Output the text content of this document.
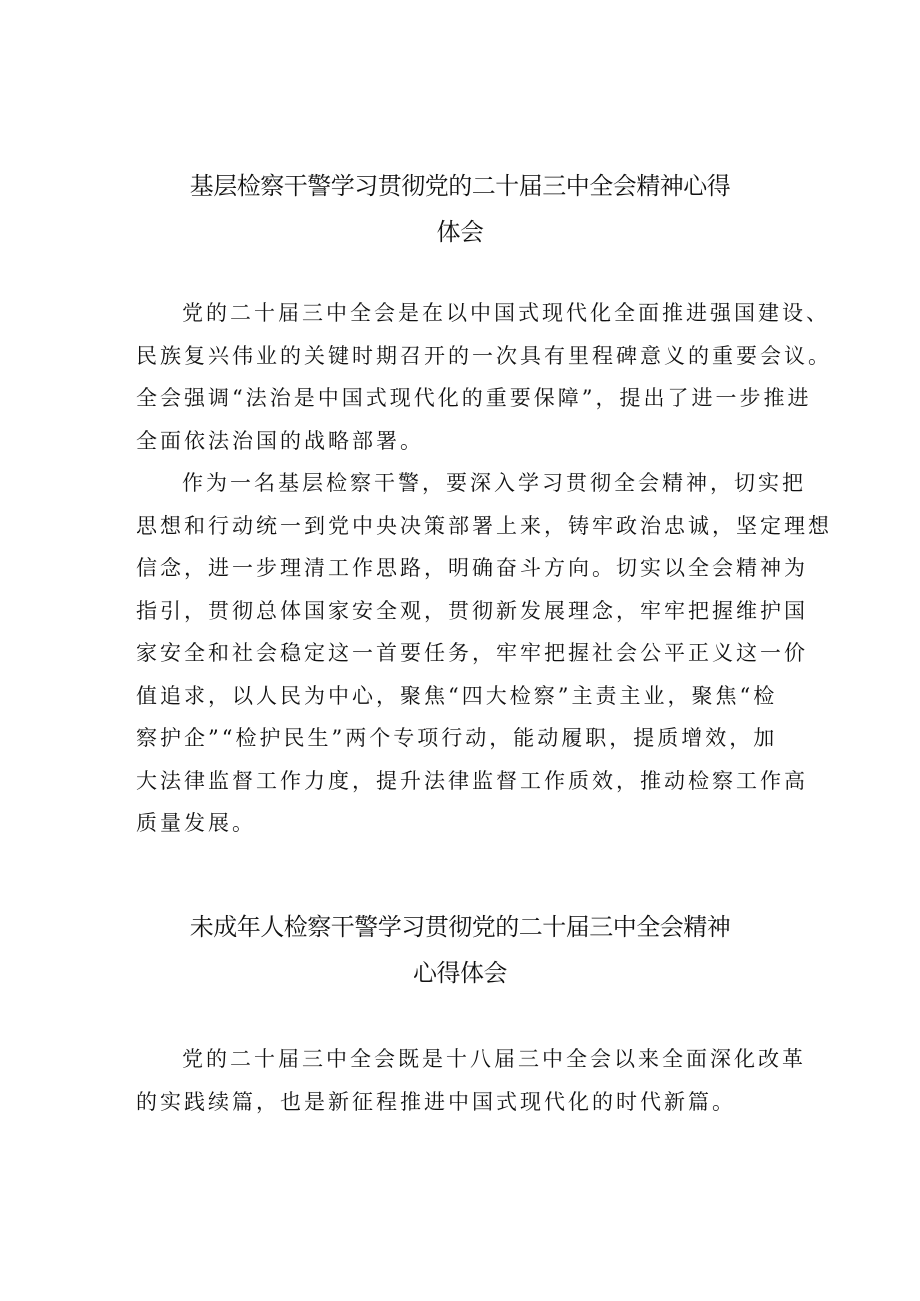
基层检察干警学习贯彻党的二十届三中全会精神心得
体会

党的二十届三中全会是在以中国式现代化全面推进强国建设、
民族复兴伟业的关键时期召开的一次具有里程碑意义的重要会议。
全会强调“法治是中国式现代化的重要保障”，提出了进一步推进
全面依法治国的战略部署。

作为一名基层检察干警，要深入学习贯彻全会精神，切实把
思想和行动统一到党中央决策部署上来，铸牢政治忠诚，坚定理想
信念，进一步理清工作思路，明确奋斗方向。切实以全会精神为
指引，贯彻总体国家安全观，贯彻新发展理念，牢牢把握维护国
家安全和社会稳定这一首要任务，牢牢把握社会公平正义这一价
值追求，以人民为中心，聚焦“四大检察”主责主业，聚焦“检
察护企”“检护民生”两个专项行动，能动履职，提质增效，加
大法律监督工作力度，提升法律监督工作质效，推动检察工作高
质量发展。

未成年人检察干警学习贯彻党的二十届三中全会精神
心得体会

党的二十届三中全会既是十八届三中全会以来全面深化改革
的实践续篇，也是新征程推进中国式现代化的时代新篇。
